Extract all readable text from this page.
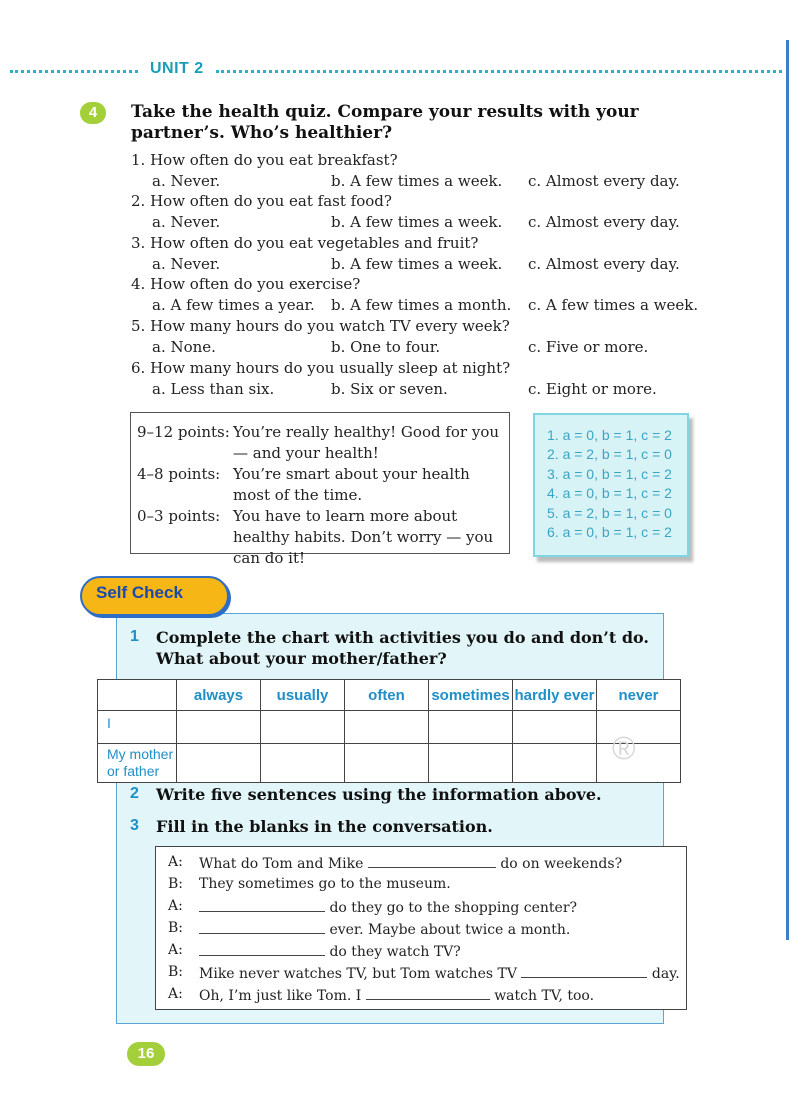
UNIT 2
4	Take the health quiz. Compare your results with your partner’s. Who’s healthier?
1. How often do you eat breakfast?
a. Never.	b. A few times a week. c. Almost every day.
2. How often do you eat fast food?
a. Never.	b. A few times a week. c. Almost every day.
3. How often do you eat vegetables and fruit?
a. Never.	b. A few times a week. c. Almost every day.
4. How often do you exercise?
a. A few times a year. b. A few times a month. c. A few times a week.
5. How many hours do you watch TV every week?
a. None.	b. One to four.	c. Five or more.
6. How many hours do you usually sleep at night?
a. Less than six.	b. Six or seven.	c. Eight or more.
9–12 points: You’re really healthy! Good for you — and your health!
4–8 points: You’re smart about your health most of the time.
0–3 points: You have to learn more about healthy habits. Don’t worry — you can do it!
1. a = 0, b = 1, c = 2
2. a = 2, b = 1, c = 0
3. a = 0, b = 1, c = 2
4. a = 0, b = 1, c = 2
5. a = 2, b = 1, c = 0
6. a = 0, b = 1, c = 2
Self Check
1 Complete the chart with activities you do and don’t do. What about your mother/father?
	always	usually	often	sometimes	hardly ever	never
I						
My mother or father						
®
2 Write five sentences using the information above.
3 Fill in the blanks in the conversation.
A: What do Tom and Mike	do on weekends?
B: They sometimes go to the museum.
A:	do they go to the shopping center?
B:	ever. Maybe about twice a month.
A:	do they watch TV?
B: Mike never watches TV, but Tom watches TV	day.
A: Oh, I’m just like Tom. I	watch TV, too.
16
